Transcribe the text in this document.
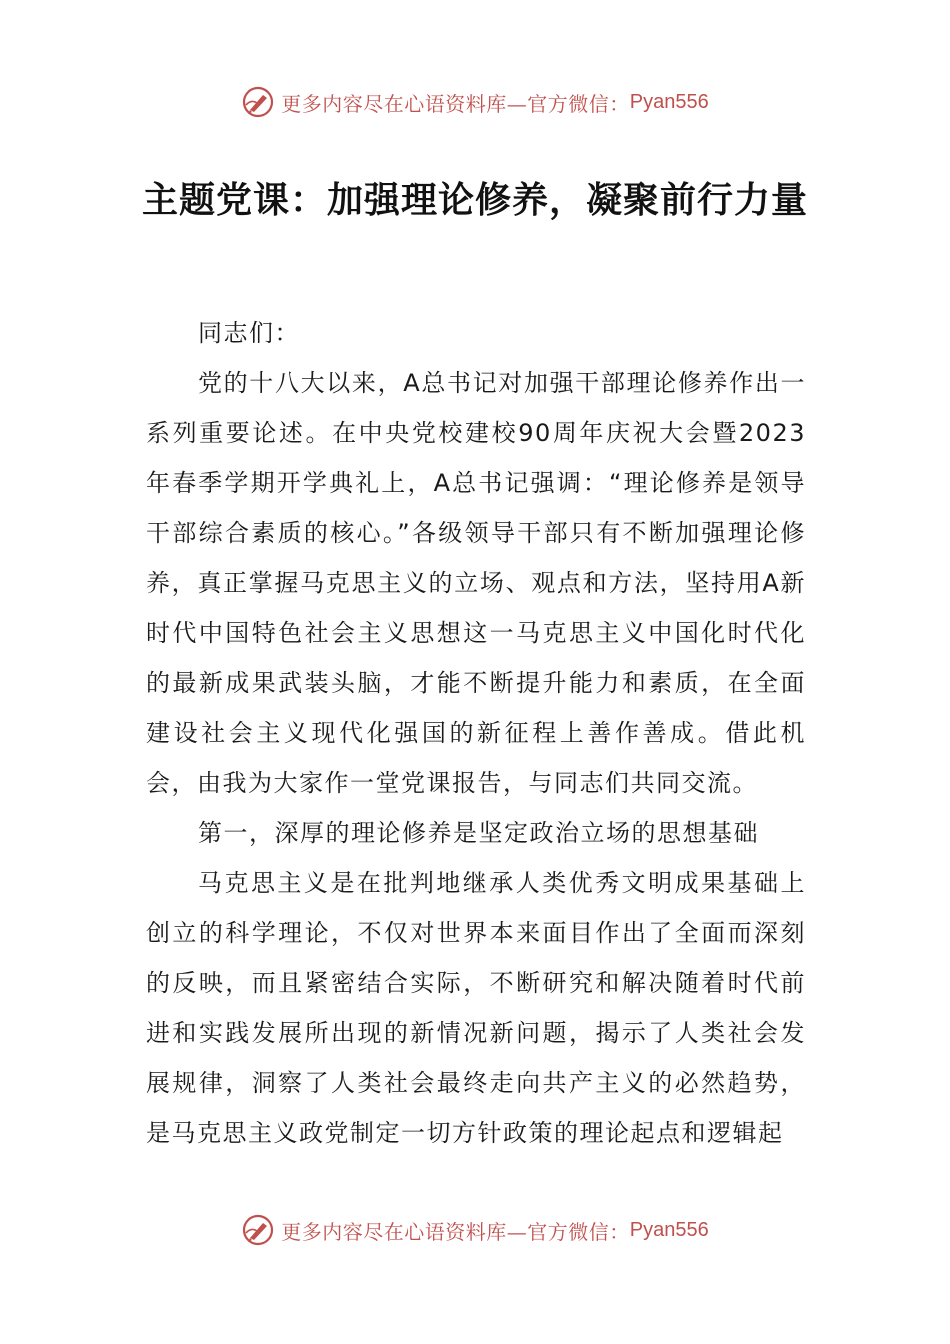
更多内容尽在心语资料库—官方微信： Pyan556
主题党课：加强理论修养，凝聚前行力量

同志们：

党的十八大以来，A总书记对加强干部理论修养作出一系列重要论述。在中央党校建校90周年庆祝大会暨2023年春季学期开学典礼上，A总书记强调：“理论修养是领导干部综合素质的核心。”各级领导干部只有不断加强理论修养，真正掌握马克思主义的立场、观点和方法，坚持用A新时代中国特色社会主义思想这一马克思主义中国化时代化的最新成果武装头脑，才能不断提升能力和素质，在全面建设社会主义现代化强国的新征程上善作善成。借此机会，由我为大家作一堂党课报告，与同志们共同交流。

第一，深厚的理论修养是坚定政治立场的思想基础

马克思主义是在批判地继承人类优秀文明成果基础上创立的科学理论，不仅对世界本来面目作出了全面而深刻的反映，而且紧密结合实际，不断研究和解决随着时代前进和实践发展所出现的新情况新问题，揭示了人类社会发展规律，洞察了人类社会最终走向共产主义的必然趋势，是马克思主义政党制定一切方针政策的理论起点和逻辑起

更多内容尽在心语资料库—官方微信： Pyan556
